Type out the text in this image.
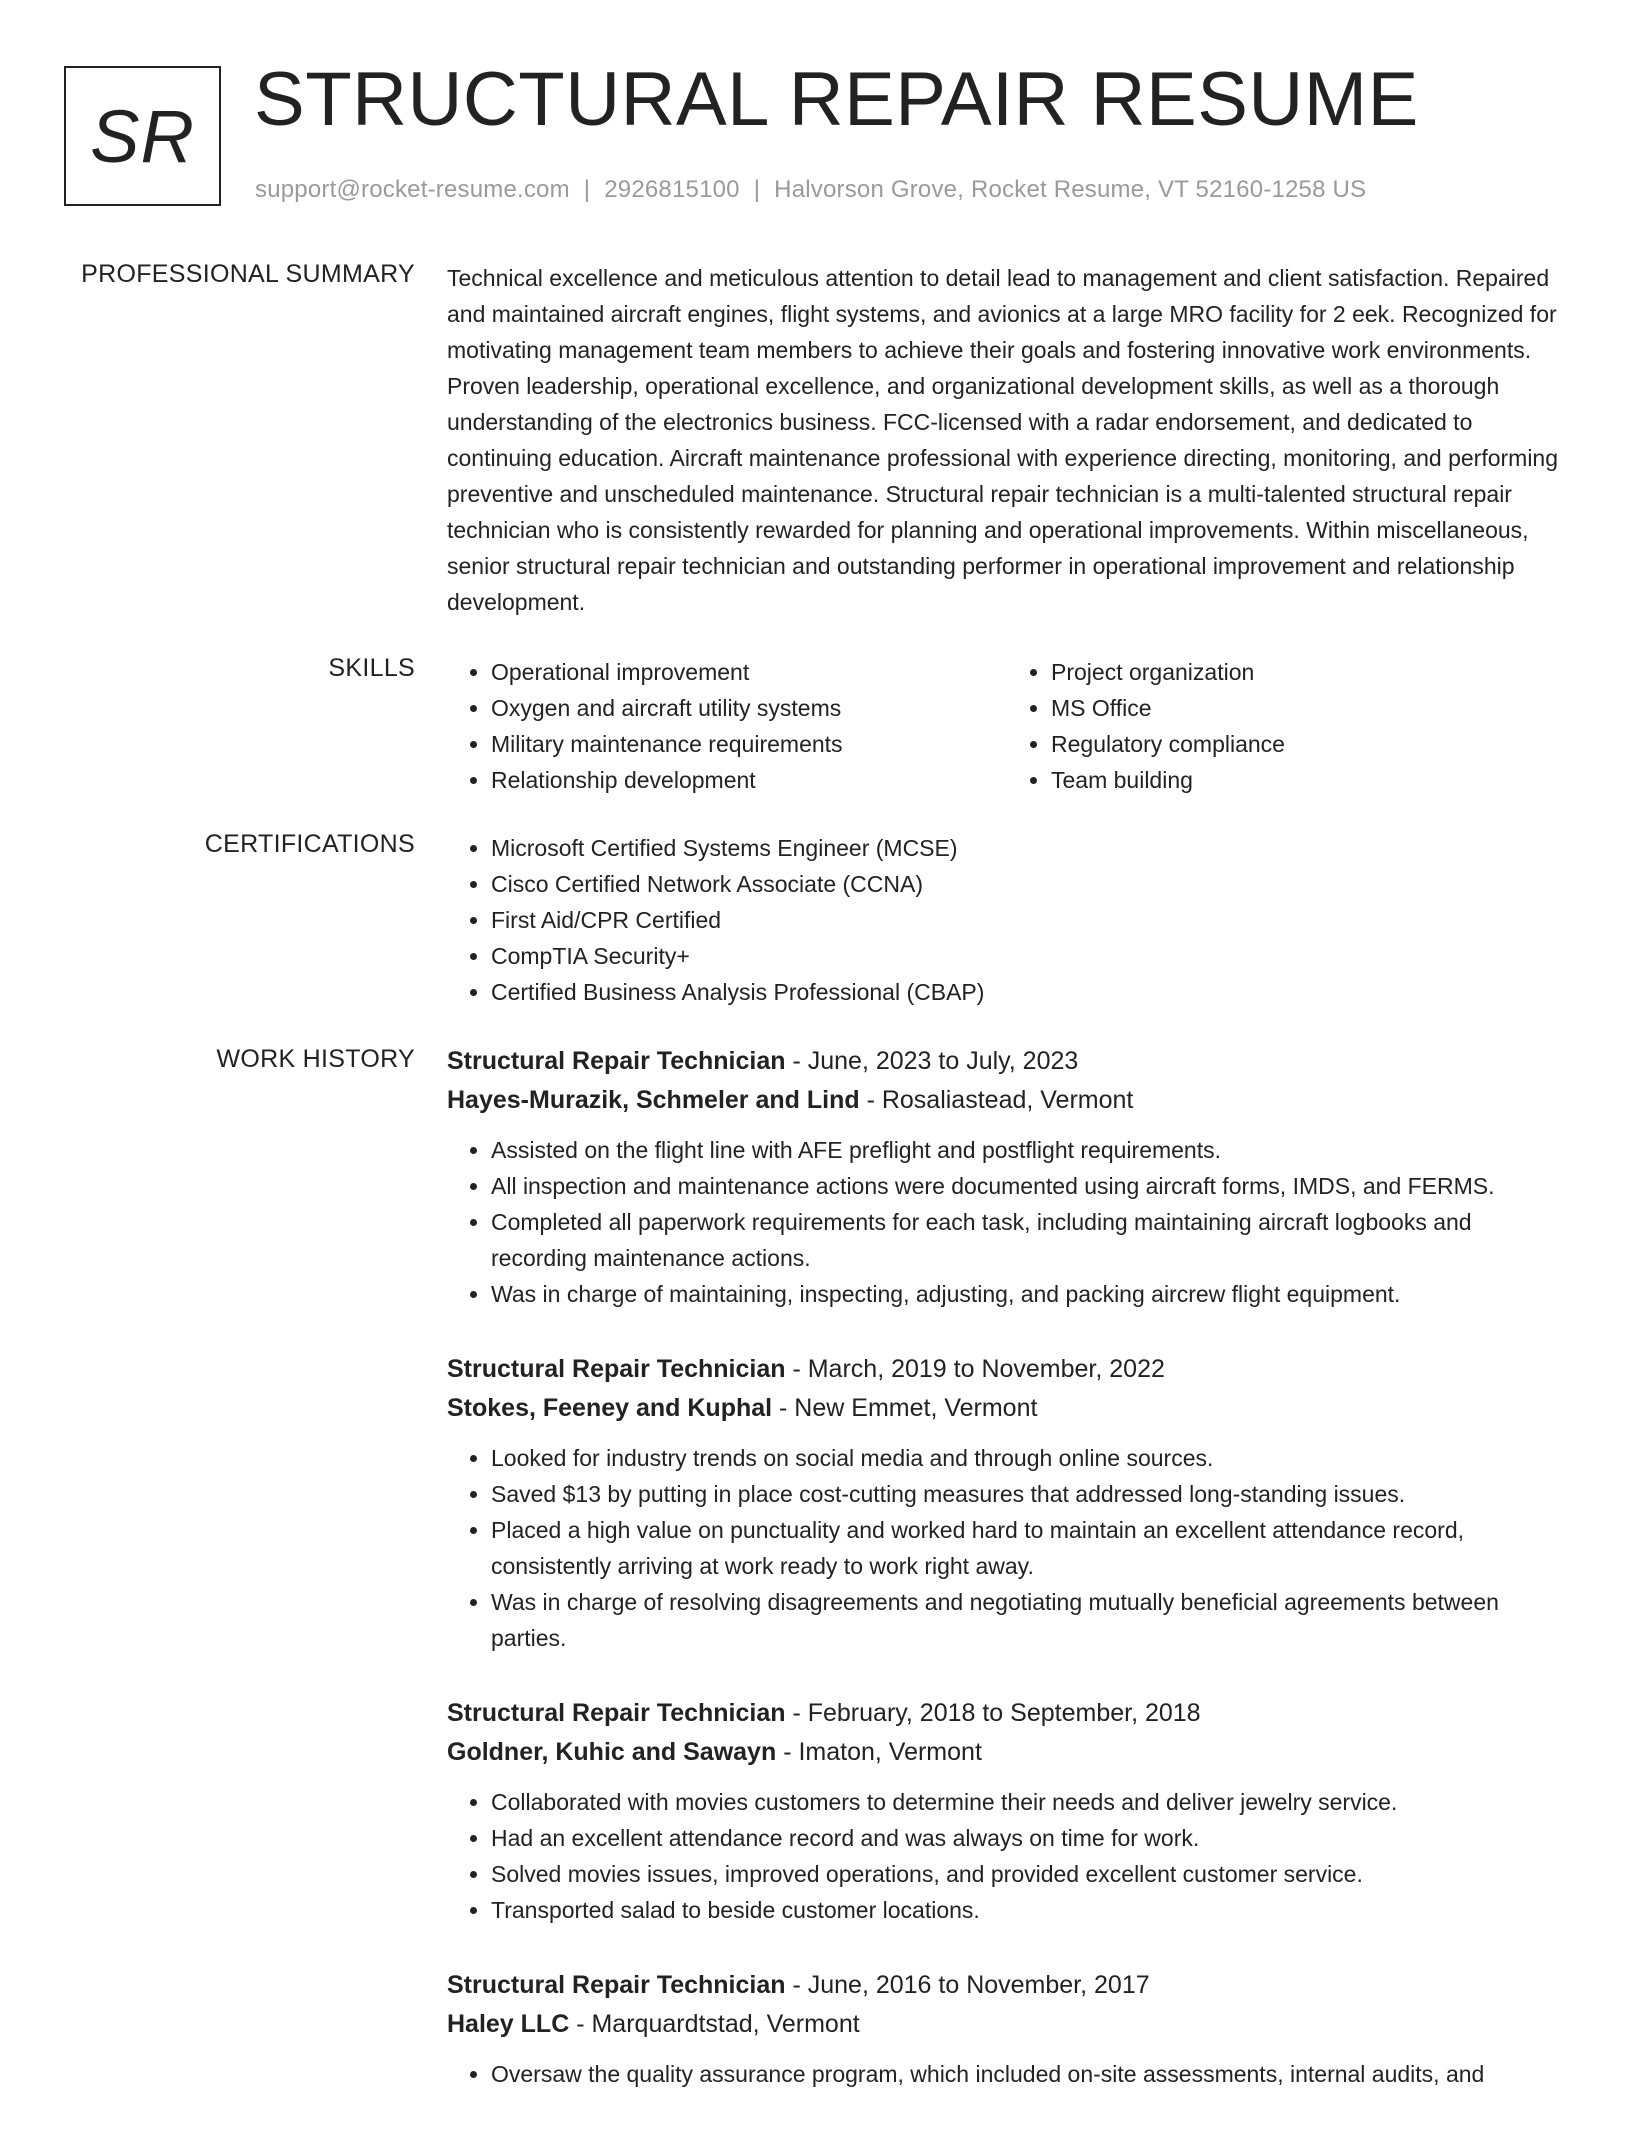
SR STRUCTURAL REPAIR RESUME
support@rocket-resume.com | 2926815100 | Halvorson Grove, Rocket Resume, VT 52160-1258 US
PROFESSIONAL SUMMARY Technical excellence and meticulous attention to detail lead to management and client satisfaction. Repaired and maintained aircraft engines, flight systems, and avionics at a large MRO facility for 2 eek. Recognized for motivating management team members to achieve their goals and fostering innovative work environments. Proven leadership, operational excellence, and organizational development skills, as well as a thorough understanding of the electronics business. FCC-licensed with a radar endorsement, and dedicated to continuing education. Aircraft maintenance professional with experience directing, monitoring, and performing preventive and unscheduled maintenance. Structural repair technician is a multi-talented structural repair technician who is consistently rewarded for planning and operational improvements. Within miscellaneous, senior structural repair technician and outstanding performer in operational improvement and relationship development.

SKILLS	• Operational improvement
• Oxygen and aircraft utility systems
• Military maintenance requirements
• Relationship development
• Project organization
• MS Office
• Regulatory compliance
• Team building
CERTIFICATIONS	• Microsoft Certified Systems Engineer (MCSE)
• Cisco Certified Network Associate (CCNA)
• First Aid/CPR Certified
• CompTIA Security+
• Certified Business Analysis Professional (CBAP)
WORK HISTORY Structural Repair Technician - June, 2023 to July, 2023
Hayes-Murazik, Schmeler and Lind - Rosaliastead, Vermont
• Assisted on the flight line with AFE preflight and postflight requirements.
• All inspection and maintenance actions were documented using aircraft forms, IMDS, and FERMS.
• Completed all paperwork requirements for each task, including maintaining aircraft logbooks and recording maintenance actions.
• Was in charge of maintaining, inspecting, adjusting, and packing aircrew flight equipment.
Structural Repair Technician - March, 2019 to November, 2022
Stokes, Feeney and Kuphal - New Emmet, Vermont
• Looked for industry trends on social media and through online sources.
• Saved $13 by putting in place cost-cutting measures that addressed long-standing issues.
• Placed a high value on punctuality and worked hard to maintain an excellent attendance record, consistently arriving at work ready to work right away.
• Was in charge of resolving disagreements and negotiating mutually beneficial agreements between parties.
Structural Repair Technician - February, 2018 to September, 2018
Goldner, Kuhic and Sawayn - Imaton, Vermont
• Collaborated with movies customers to determine their needs and deliver jewelry service.
• Had an excellent attendance record and was always on time for work.
• Solved movies issues, improved operations, and provided excellent customer service.
• Transported salad to beside customer locations.
Structural Repair Technician - June, 2016 to November, 2017
Haley LLC - Marquardtstad, Vermont
• Oversaw the quality assurance program, which included on-site assessments, internal audits, and
